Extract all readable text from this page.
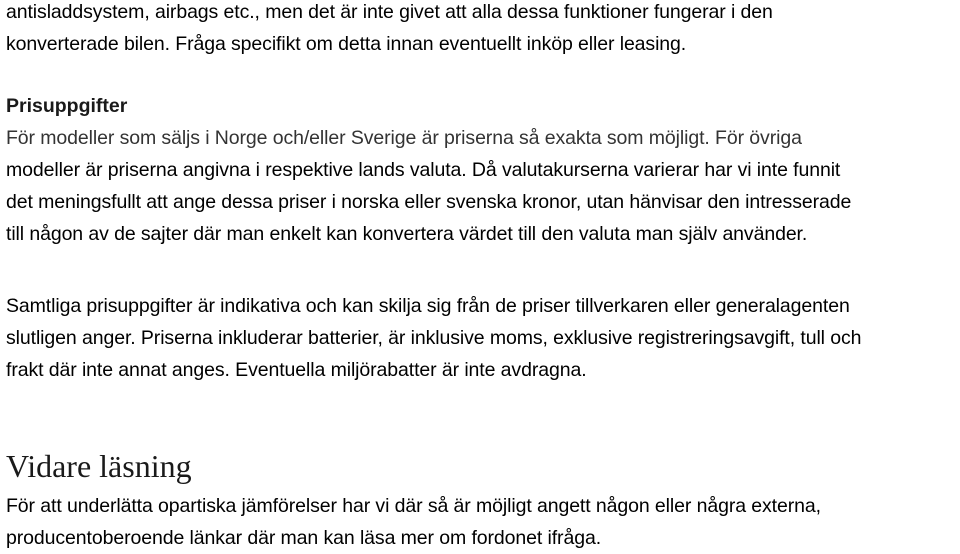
antisladdsystem, airbags etc., men det är inte givet att alla dessa funktioner fungerar i den

konverterade bilen. Fråga specifikt om detta innan eventuellt inköp eller leasing.

Prisuppgifter

För modeller som säljs i Norge och/eller Sverige är priserna så exakta som möjligt. För övriga

modeller är priserna angivna i respektive lands valuta. Då valutakurserna varierar har vi inte funnit

det meningsfullt att ange dessa priser i norska eller svenska kronor, utan hänvisar den intresserade

till någon av de sajter där man enkelt kan konvertera värdet till den valuta man själv använder.

Samtliga prisuppgifter är indikativa och kan skilja sig från de priser tillverkaren eller generalagenten

slutligen anger. Priserna inkluderar batterier, är inklusive moms, exklusive registreringsavgift, tull och

frakt där inte annat anges. Eventuella miljörabatter är inte avdragna.

Vidare läsning

För att underlätta opartiska jämförelser har vi där så är möjligt angett någon eller några externa,

producentoberoende länkar där man kan läsa mer om fordonet ifråga.
